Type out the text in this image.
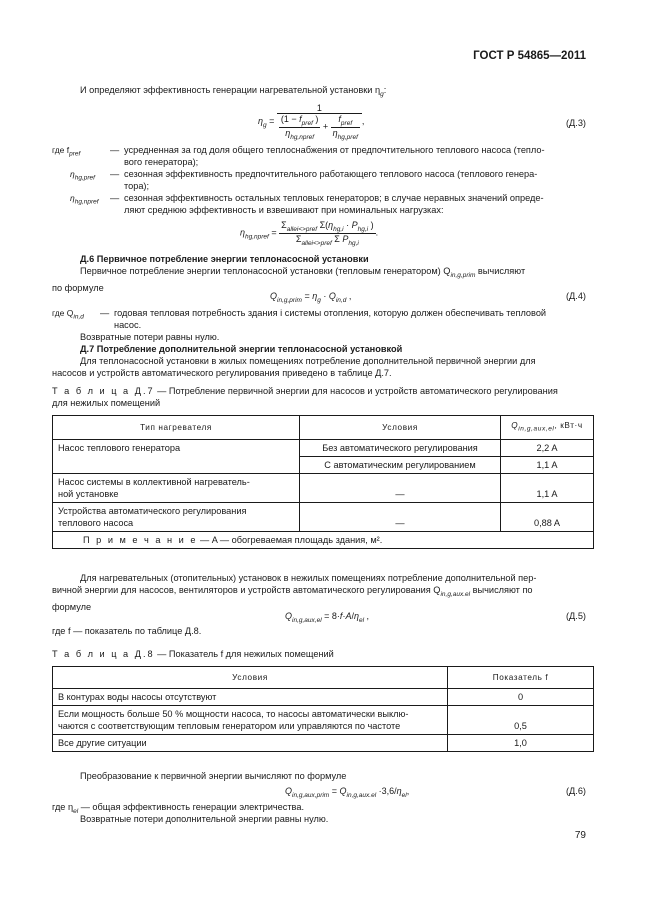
ГОСТ Р 54865—2011
И определяют эффективность генерации нагревательной установки $\eta_g$:
$\eta_g = \frac{1}{\frac{(1 - f_{pref} )}{\eta_{hg,npref}} + \frac{f_{pref}}{\eta_{hg,pref}}}$ ,	(Д.3)
где $f_{pref}$	— усредненная за год доля общего теплоснабжения от предпочтительного теплового насоса (тепло-
вого генератора);
$\eta_{hg,pref}$ — сезонная эффективность предпочтительного работающего теплового насоса (теплового генера-
тора);
$\eta_{hg,npref}$ — сезонная эффективность остальных тепловых генераторов; в случае неравных значений опреде-
ляют среднюю эффективность и взвешивают при номинальных нагрузках:
$\eta_{hg,npref} = \frac{\Sigma_{allei<>pref} \Sigma(\eta_{hg,i} \cdot P_{hg,i} )}{\Sigma_{allei<>pref} \Sigma P_{hg,i}}$ .
Д.6 Первичное потребление энергии теплонасосной установки
Первичное потребление энергии теплонасосной установки (тепловым генератором) $Q_{in,g,prim}$ вычисляют
по формуле
$Q_{in,g,prim} = \eta_g \cdot Q_{in,d}$ ,	(Д.4)
где $Q_{in,d}$ — годовая тепловая потребность здания i системы отопления, которую должен обеспечивать тепловой
насос.
Возвратные потери равны нулю.
Д.7 Потребление дополнительной энергии теплонасосной установкой
Для теплонасосной установки в жилых помещениях потребление дополнительной первичной энергии для
насосов и устройств автоматического регулирования приведено в таблице Д.7.
Т а б л и ц а Д.7 — Потребление первичной энергии для насосов и устройств автоматического регулирования
для нежилых помещений
Тип нагревателя	Условия	$Q_{in,g,aux,el}$, кВт·ч
Насос теплового генератора	Без автоматического регулирования	2,2 A
	С автоматическим регулированием	1,1 A
Насос системы в коллективной нагреватель-
ной установке	—	1,1 A
Устройства автоматического регулирования
теплового насоса	—	0,88 A
П р и м е ч а н и е — A — обогреваемая площадь здания, м².		
Для нагревательных (отопительных) установок в нежилых помещениях потребление дополнительной пер-
вичной энергии для насосов, вентиляторов и устройств автоматического регулирования $Q_{in,g,aux.el}$ вычисляют по
формуле
$Q_{in,g,aux,el} = 8\cdot f\cdot A/\eta_{el}$ ,	(Д.5)
где f — показатель по таблице Д.8.
Т а б л и ц а Д.8 — Показатель f для нежилых помещений
Условия	Показатель f
В контурах воды насосы отсутствуют	0
Если мощность больше 50 % мощности насоса, то насосы автоматически выклю-
чаются с соответствующим тепловым генератором или управляются по частоте	0,5
Все другие ситуации	1,0
Преобразование к первичной энергии вычисляют по формуле
$Q_{in,g,aux,prim} = Q_{in,g,aux.el} \cdot 3,6/\eta_{el}$,	(Д.6)
где $\eta_{el}$ — общая эффективность генерации электричества.
Возвратные потери дополнительной энергии равны нулю.
79
